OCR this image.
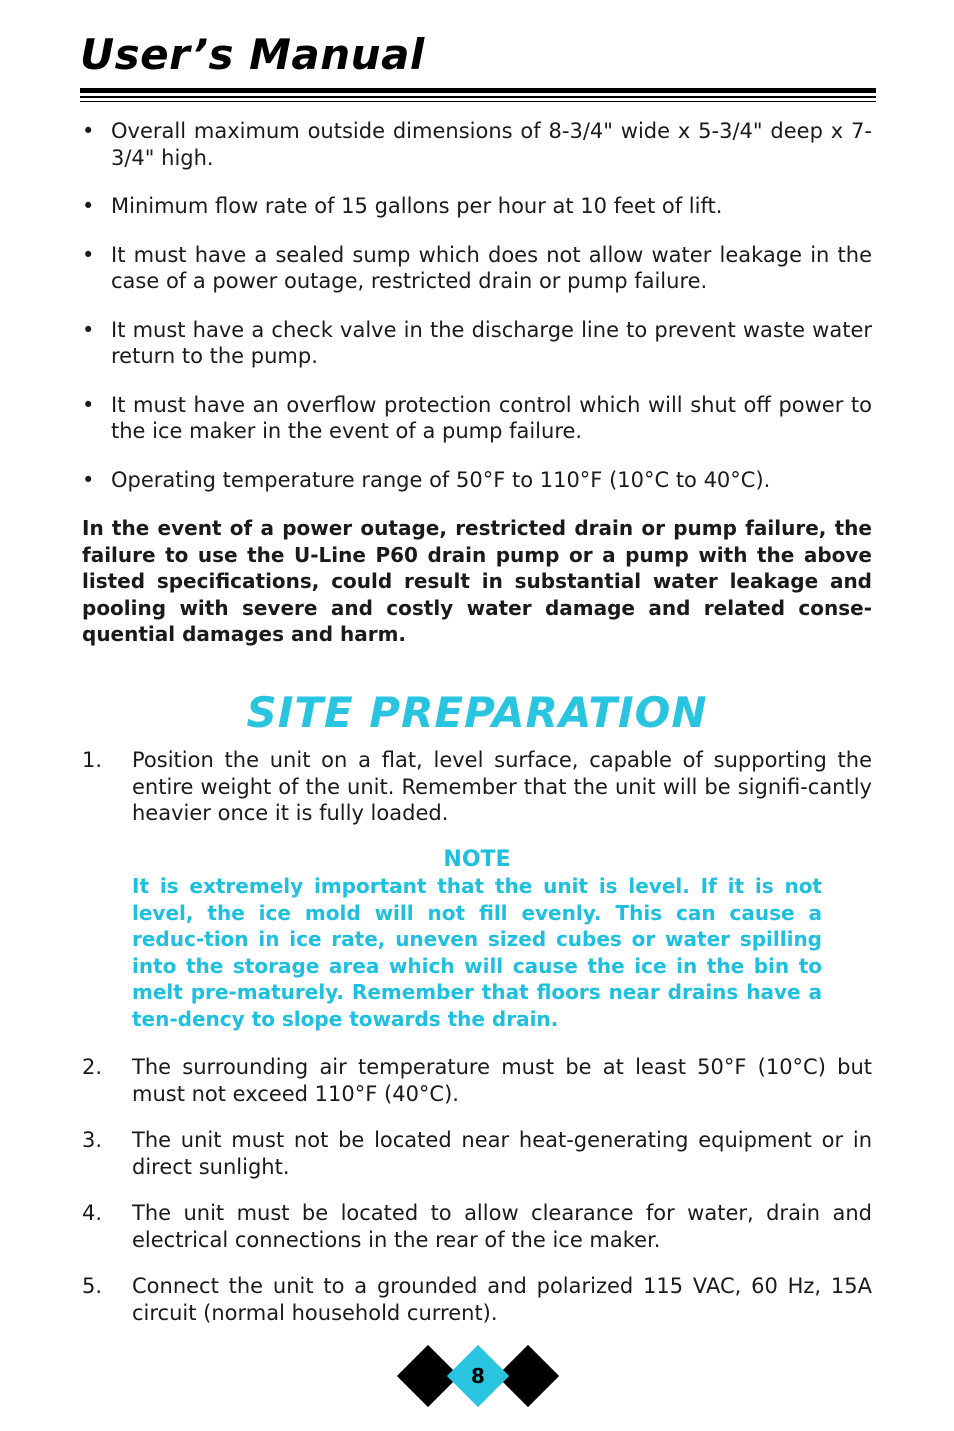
User’s Manual
• Overall maximum outside dimensions of 8-3/4" wide x 5-3/4" deep x 7-3/4" high.
• Minimum flow rate of 15 gallons per hour at 10 feet of lift.
• It must have a sealed sump which does not allow water leakage in the case of a power outage, restricted drain or pump failure.
• It must have a check valve in the discharge line to prevent waste water return to the pump.
• It must have an overflow protection control which will shut off power to the ice maker in the event of a pump failure.
• Operating temperature range of 50°F to 110°F (10°C to 40°C).

In the event of a power outage, restricted drain or pump failure, the failure to use the U-Line P60 drain pump or a pump with the above listed specifications, could result in substantial water leakage and pooling with severe and costly water damage and related conse-quential damages and harm.

SITE PREPARATION
1. Position the unit on a flat, level surface, capable of supporting the entire weight of the unit. Remember that the unit will be signifi-cantly heavier once it is fully loaded.
NOTE
It is extremely important that the unit is level. If it is not level, the ice mold will not fill evenly. This can cause a reduc-tion in ice rate, uneven sized cubes or water spilling into the storage area which will cause the ice in the bin to melt pre-maturely. Remember that floors near drains have a ten-dency to slope towards the drain.
2. The surrounding air temperature must be at least 50°F (10°C) but must not exceed 110°F (40°C).
3. The unit must not be located near heat-generating equipment or in direct sunlight.
4. The unit must be located to allow clearance for water, drain and electrical connections in the rear of the ice maker.
5. Connect the unit to a grounded and polarized 115 VAC, 60 Hz, 15A circuit (normal household current).
8
